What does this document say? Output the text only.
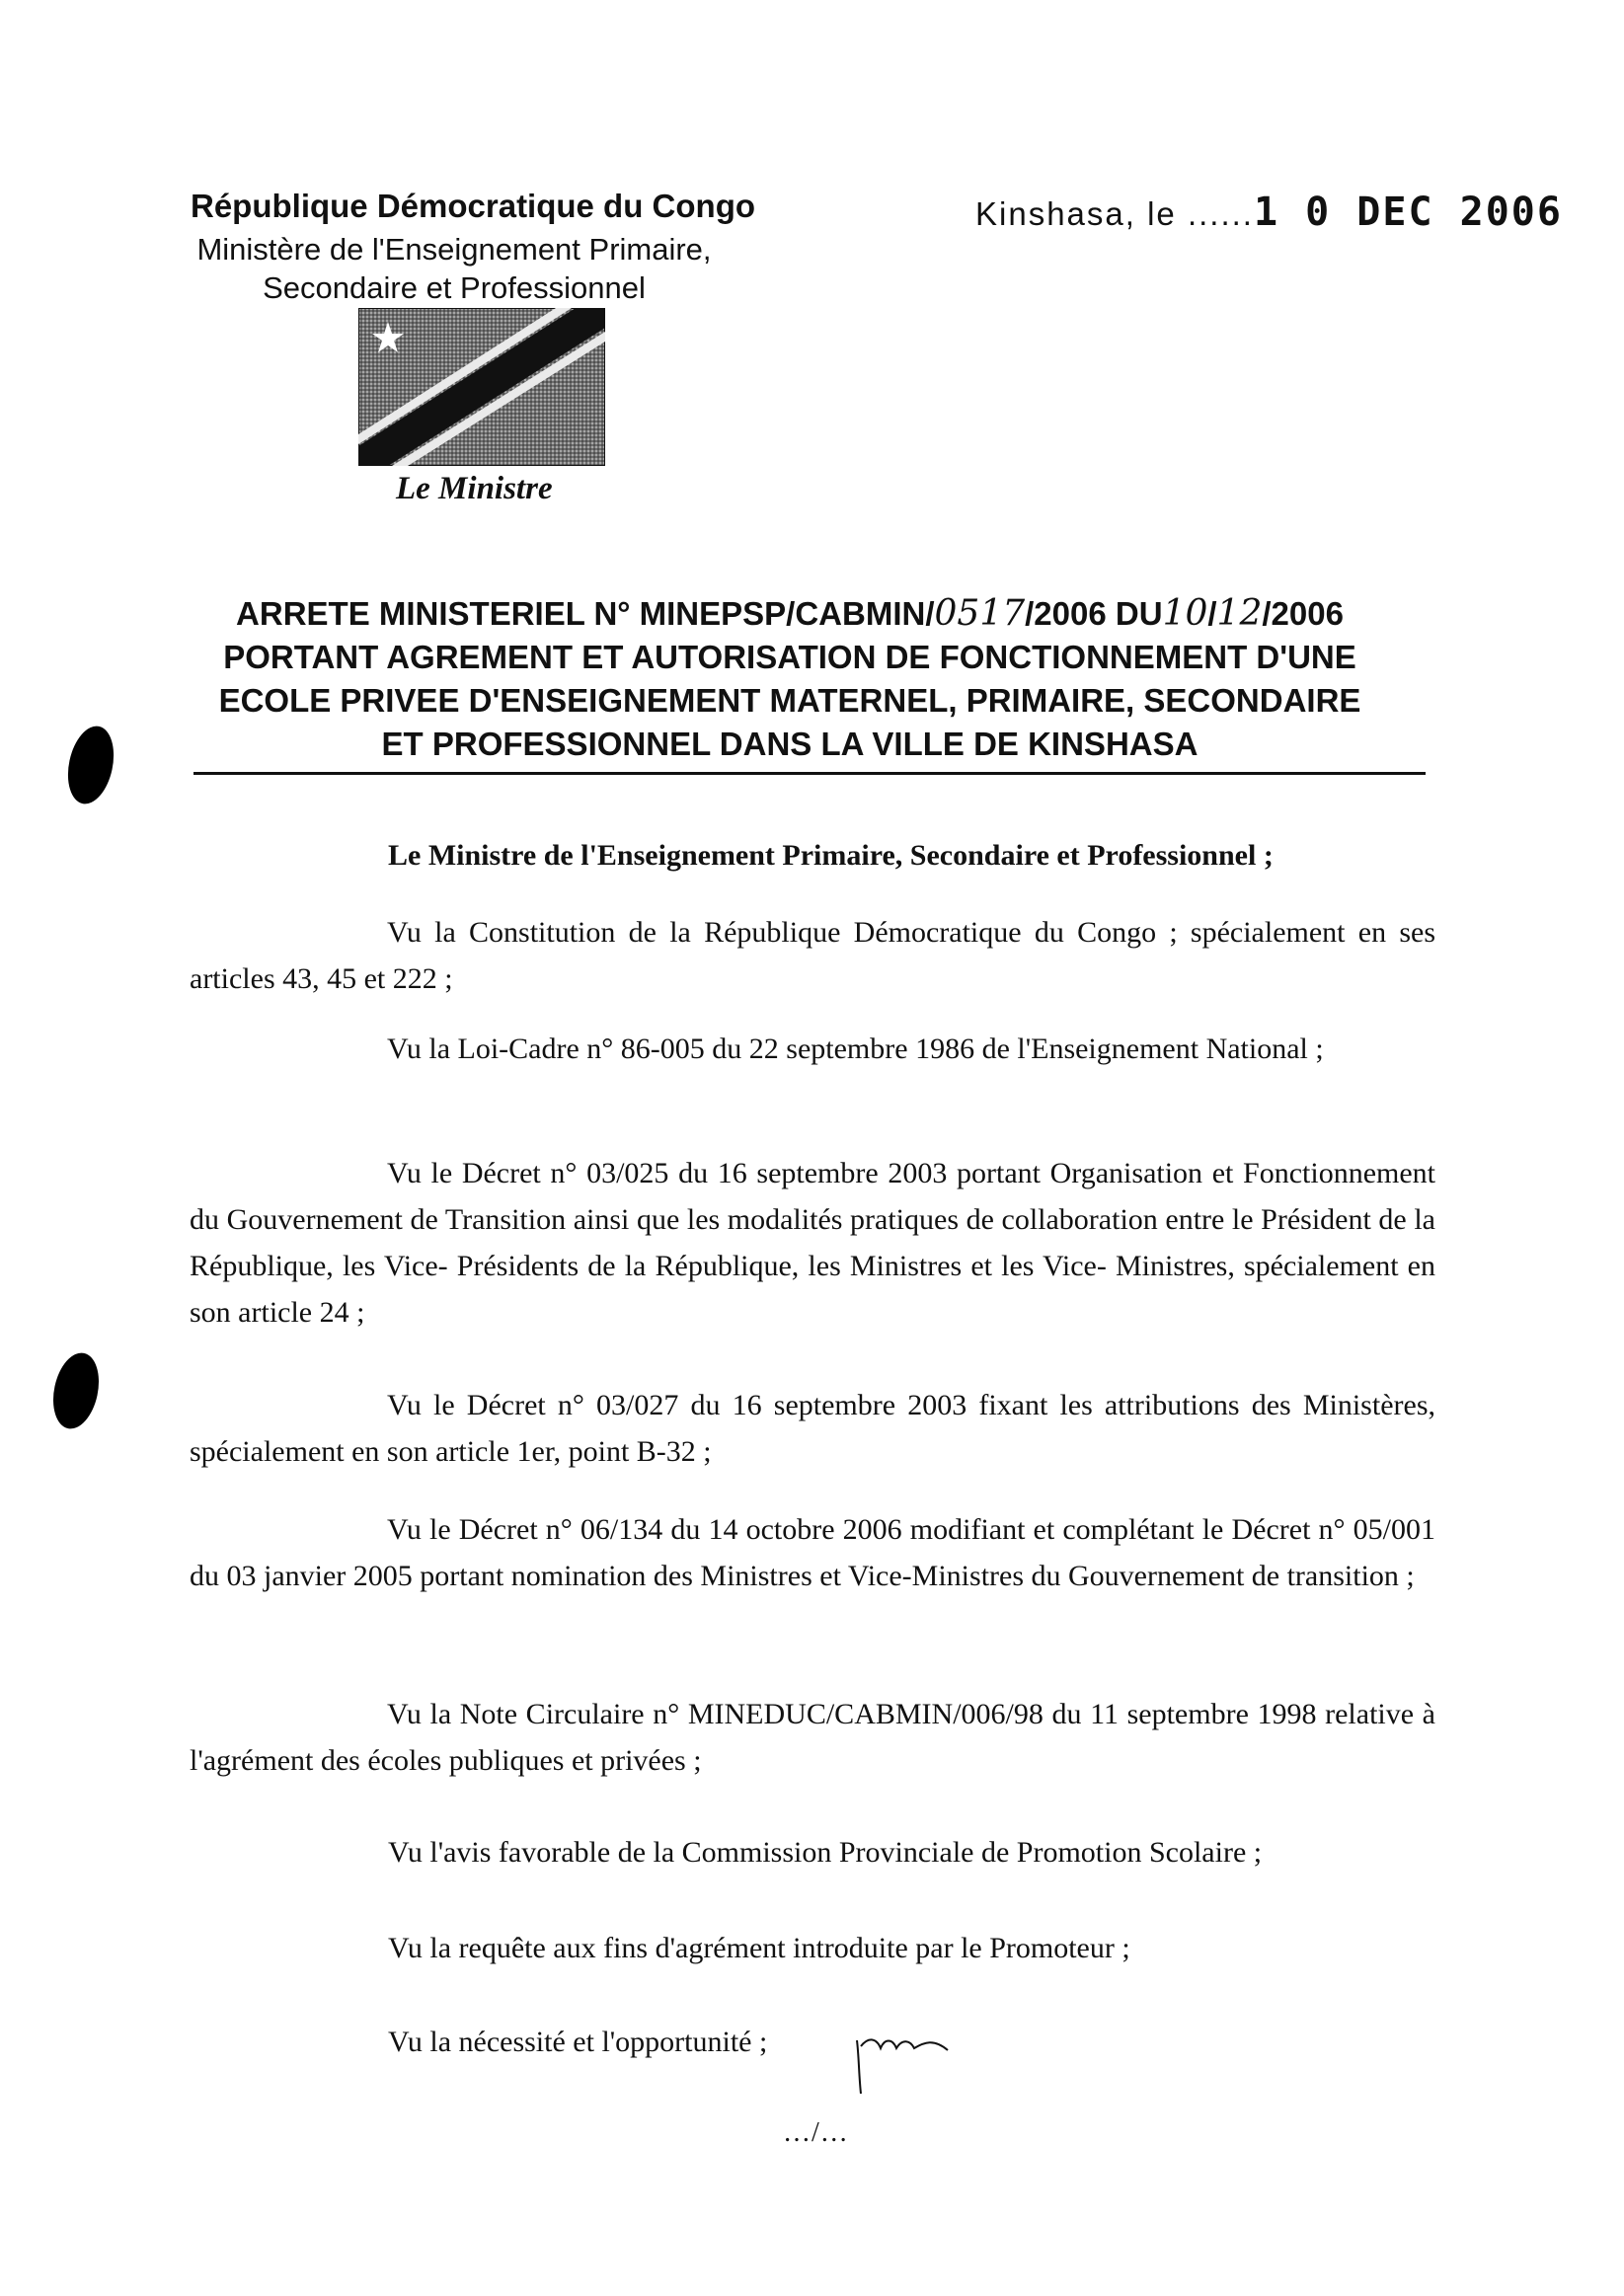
République Démocratique du Congo
Ministère de l'Enseignement Primaire,
Secondaire et Professionnel
Kinshasa, le ......1 0 DEC 2006
Le Ministre
ARRETE MINISTERIEL N° MINEPSP/CABMIN/0517/2006 DU10/12/2006
PORTANT AGREMENT ET AUTORISATION DE FONCTIONNEMENT D'UNE
ECOLE PRIVEE D'ENSEIGNEMENT MATERNEL, PRIMAIRE, SECONDAIRE
ET PROFESSIONNEL DANS LA VILLE DE KINSHASA
Le Ministre de l'Enseignement Primaire, Secondaire et Professionnel ;
Vu la Constitution de la République Démocratique du Congo ; spécialement en ses articles 43, 45 et 222 ;
Vu la Loi-Cadre n° 86-005 du 22 septembre 1986 de l'Enseignement National ;
Vu le Décret n° 03/025 du 16 septembre 2003 portant Organisation et Fonctionnement du Gouvernement de Transition ainsi que les modalités pratiques de collaboration entre le Président de la République, les Vice- Présidents de la République, les Ministres et les Vice- Ministres, spécialement en son article 24 ;
Vu le Décret n° 03/027 du 16 septembre 2003 fixant les attributions des Ministères, spécialement en son article 1er, point B-32 ;
Vu le Décret n° 06/134 du 14 octobre 2006 modifiant et complétant le Décret n° 05/001 du 03 janvier 2005 portant nomination des Ministres et Vice-Ministres du Gouvernement de transition ;
Vu la Note Circulaire n° MINEDUC/CABMIN/006/98 du 11 septembre 1998 relative à l'agrément des écoles publiques et privées ;
Vu l'avis favorable de la Commission Provinciale de Promotion Scolaire ;
Vu la requête aux fins d'agrément introduite par le Promoteur ;
Vu la nécessité et l'opportunité ;
…/…
